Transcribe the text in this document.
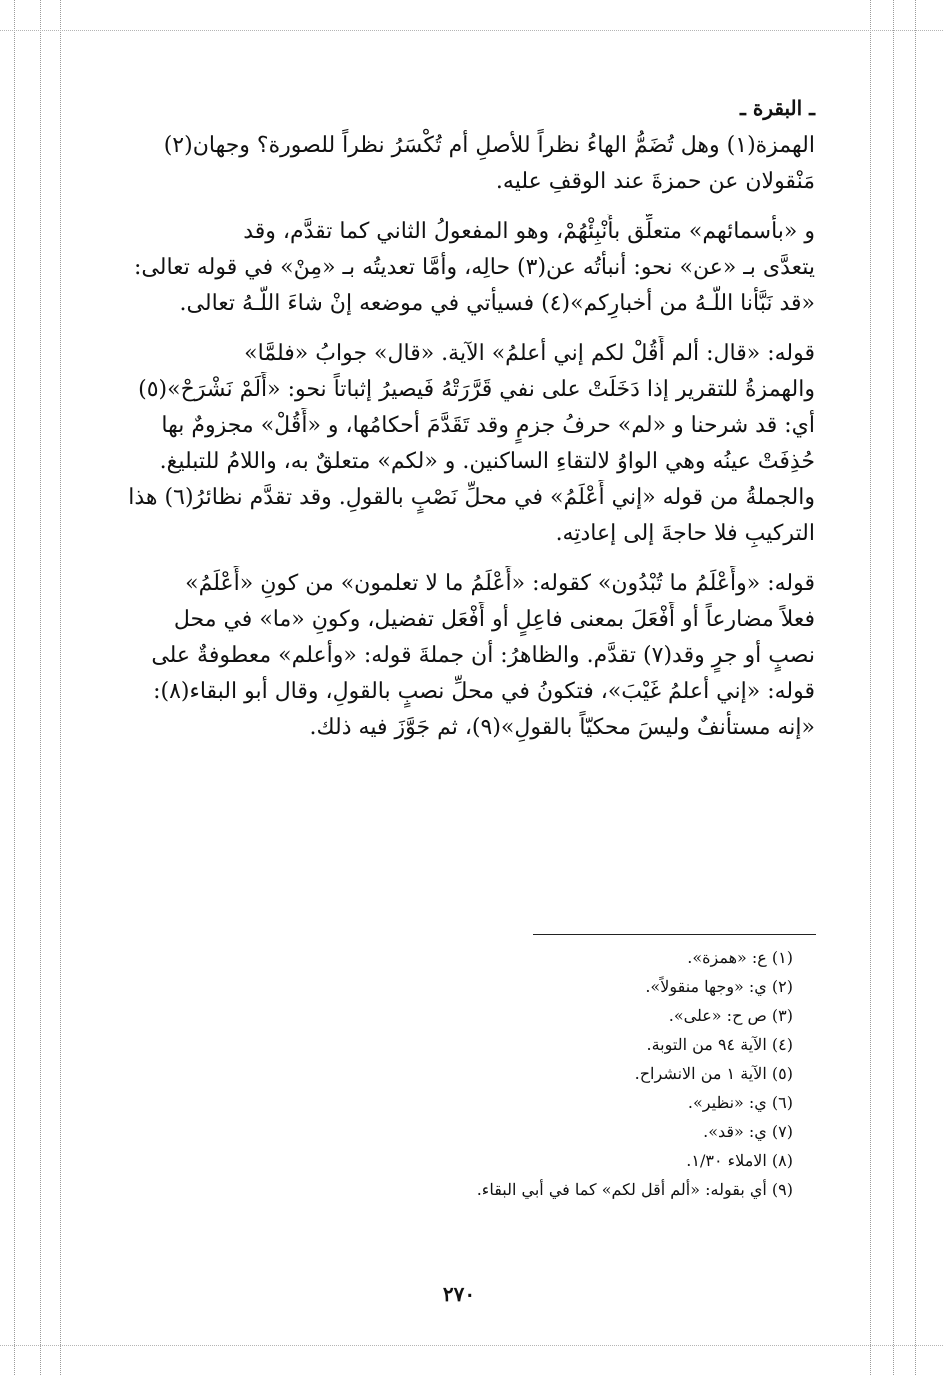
ـ البقرة ـ
الهمزة(١) وهل تُضَمُّ الهاءُ نظراً للأصلِ أم تُكْسَرُ نظراً للصورة؟ وجهان(٢)
مَنْقولان عن حمزةَ عند الوقفِ عليه.
و «بأسمائهم» متعلِّق بأَنْبِئْهُمْ، وهو المفعولُ الثاني كما تقدَّم، وقد
يتعدَّى بـ «عن» نحو: أنبأْتُه عن(٣) حالِه، وأمَّا تعديتُه بـ «مِنْ» في قوله تعالى:
«قد نَبَّأنا اللَّـهُ من أخبارِكم»(٤) فسيأتي في موضعه إنْ شاءَ اللَّـهُ تعالى.
قوله: «قال: ألم أَقُلْ لكم إني أعلمُ» الآية. «قال» جوابُ «فلمَّا»
والهمزةُ للتقرير إذا دَخَلَتْ على نفي قَرَّرَتْهُ فَيصيرُ إثباتاً نحو: «أَلَمْ نَشْرَحْ»(٥)
أي: قد شرحنا و «لم» حرفُ جزمٍ وقد تَقَدَّمَ أحكامُها، و «أَقُلْ» مجزومٌ بها
حُذِفَتْ عينُه وهي الواوُ لالتقاءِ الساكنين. و «لكم» متعلقٌ به، واللامُ للتبليغ.
والجملةُ من قوله «إني أَعْلَمُ» في محلِّ نَصْبٍ بالقولِ. وقد تقدَّم نظائرُ(٦) هذا
التركيبِ فلا حاجةَ إلى إعادتِه.
قوله: «وأَعْلَمُ ما تُبْدُون» كقوله: «أَعْلَمُ ما لا تعلمون» من كونِ «أَعْلَمُ»
فعلاً مضارعاً أو أَفْعَلَ بمعنى فاعِلٍ أو أَفْعَل تفضيل، وكونِ «ما» في محل
نصبٍ أو جرٍ وقد(٧) تقدَّم. والظاهرُ: أن جملةَ قوله: «وأعلم» معطوفةٌ على
قوله: «إني أعلمُ غَيْبَ»، فتكونُ في محلِّ نصبٍ بالقولِ، وقال أبو البقاء(٨):
«إنه مستأنفٌ وليسَ محكيّاً بالقولِ»(٩)، ثم جَوَّزَ فيه ذلك.
(١) ع: «همزة».
(٢) ي: «وجها منقولاً».
(٣) ص ح: «على».
(٤) الآية ٩٤ من التوبة.
(٥) الآية ١ من الانشراح.
(٦) ي: «نظير».
(٧) ي: «قد».
(٨) الاملاء ١/٣٠.
(٩) أي بقوله: «ألم أقل لكم» كما في أبي البقاء.
٢٧٠
